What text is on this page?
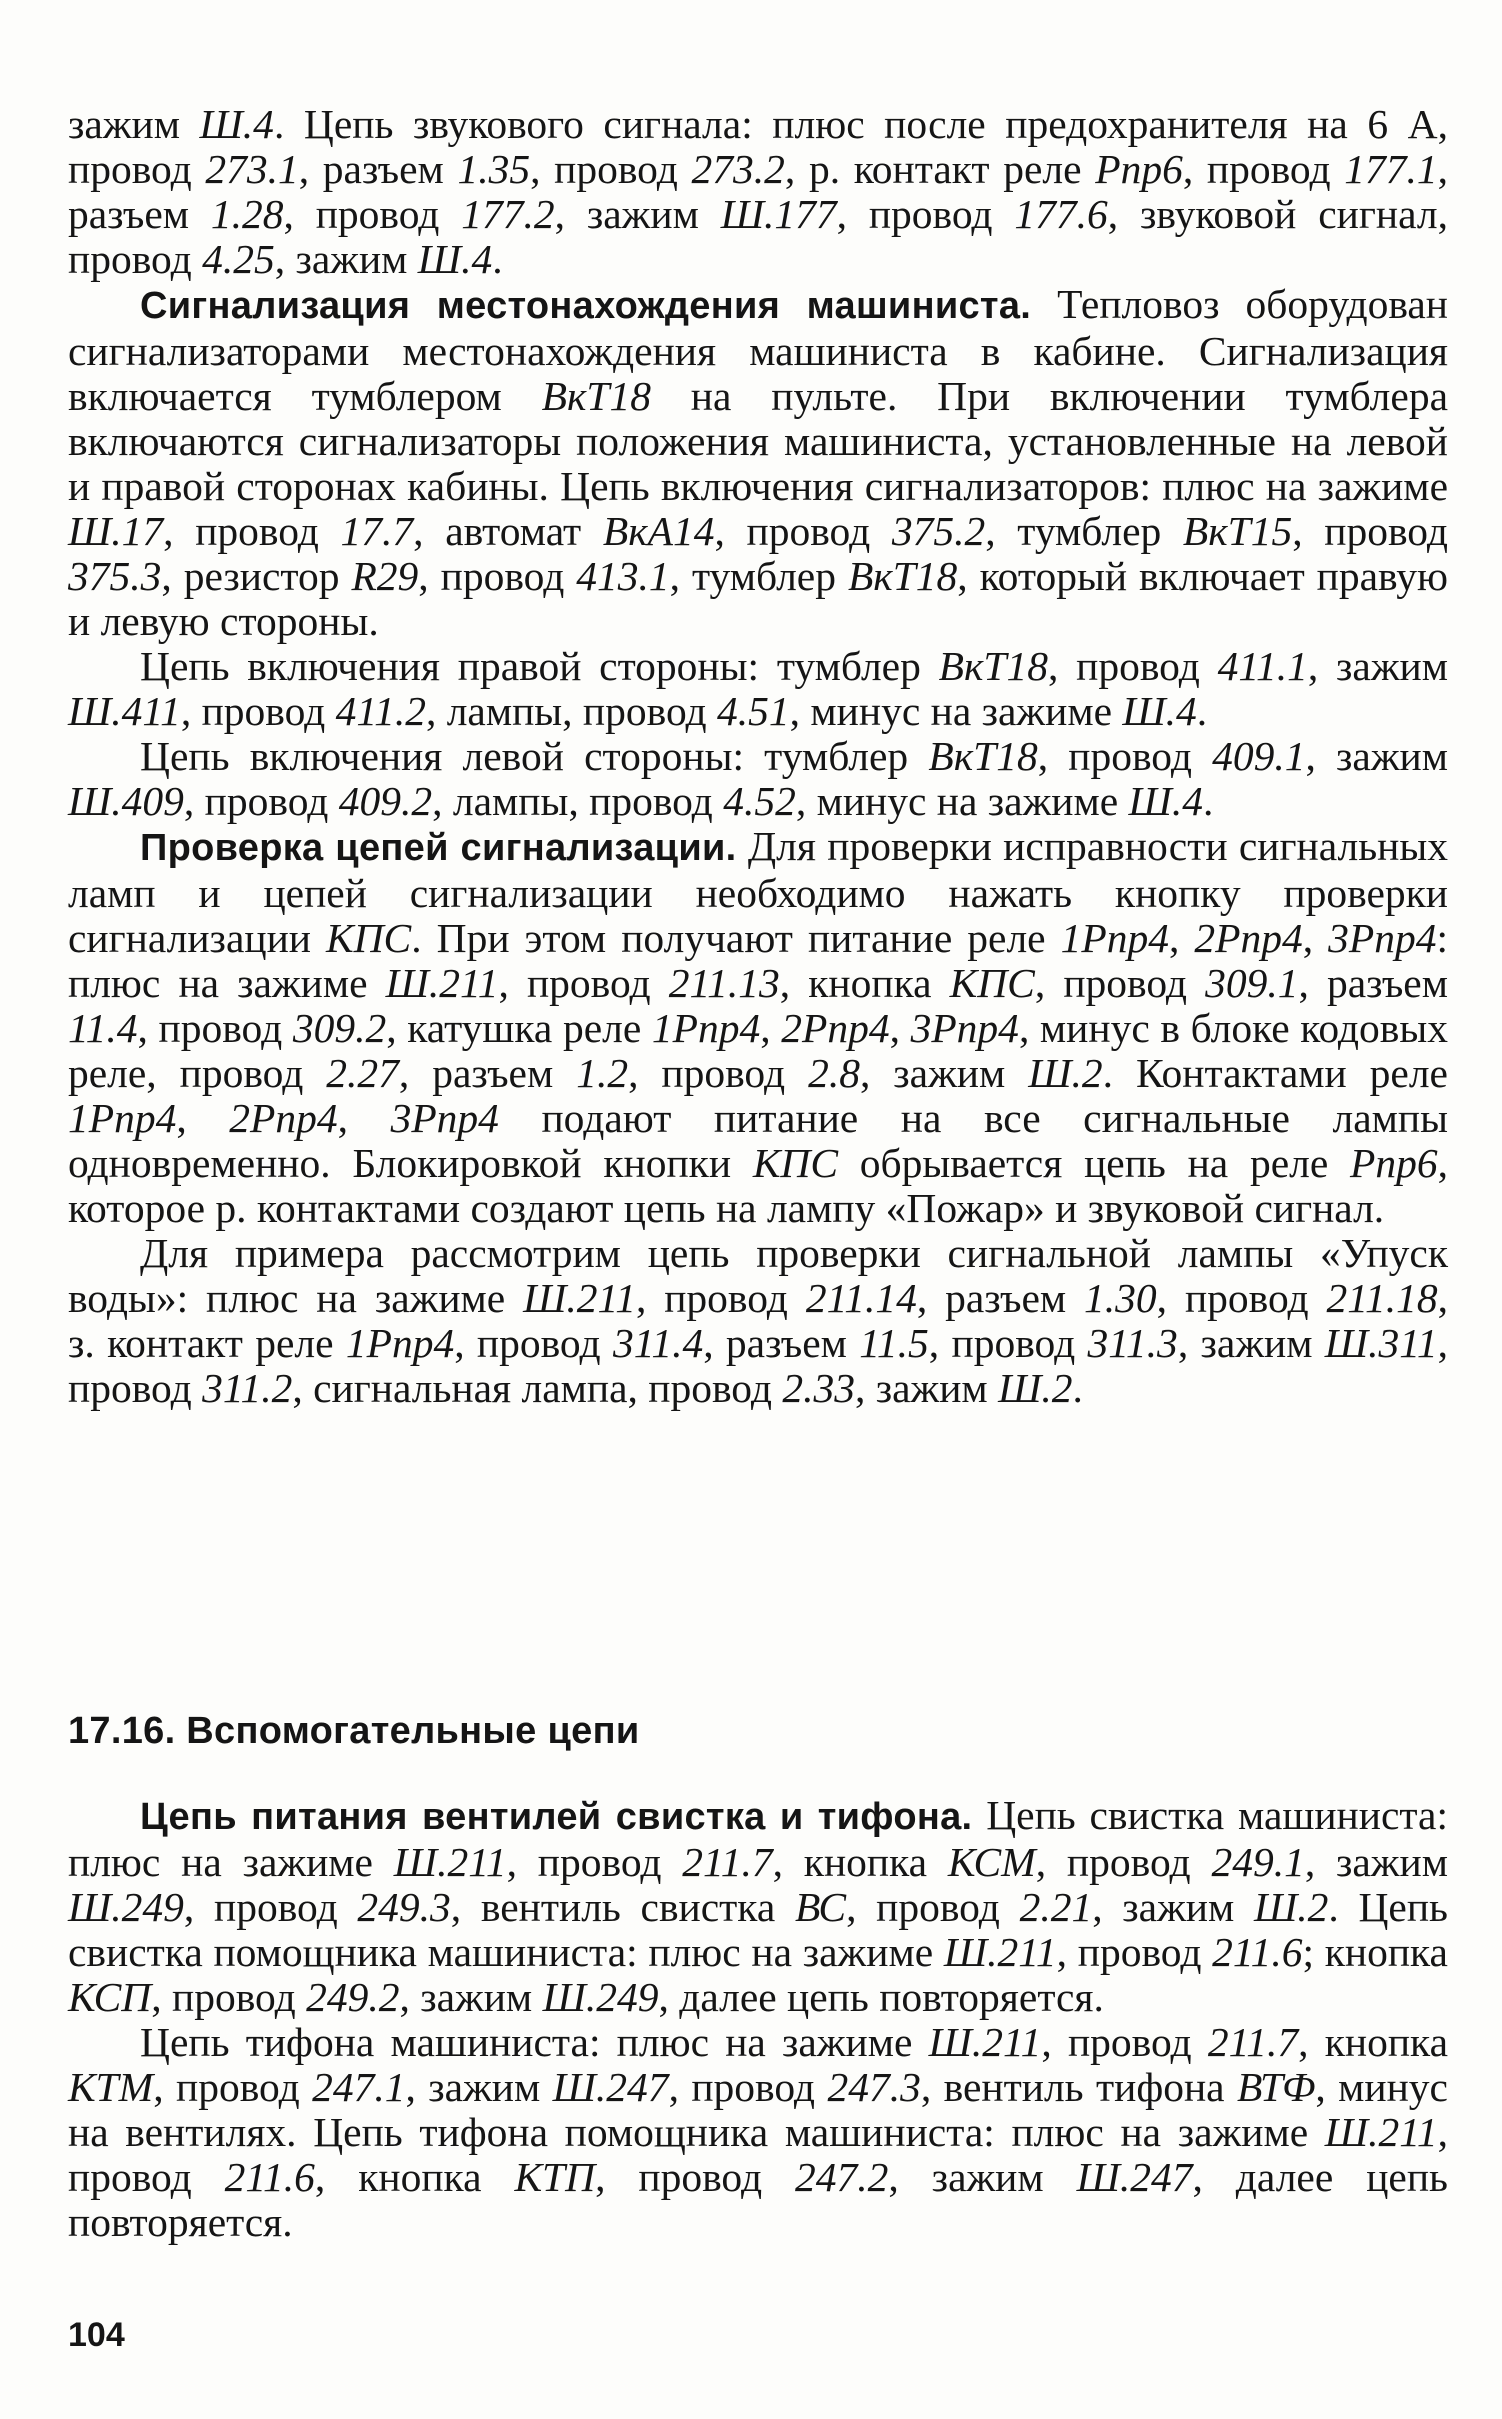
зажим Ш.4. Цепь звукового сигнала: плюс после предохранителя на 6 А, провод 273.1, разъем 1.35, провод 273.2, р. контакт реле Рпр6, провод 177.1, разъем 1.28, провод 177.2, зажим Ш.177, провод 177.6, звуковой сигнал, провод 4.25, зажим Ш.4.

Сигнализация местонахождения машиниста. Тепловоз оборудован сигнализаторами местонахождения машиниста в кабине. Сигнализация включается тумблером ВкТ18 на пульте. При включении тумблера включаются сигнализаторы положения машиниста, установленные на левой и правой сторонах кабины. Цепь включения сигнализаторов: плюс на зажиме Ш.17, провод 17.7, автомат ВкА14, провод 375.2, тумблер ВкТ15, провод 375.3, резистор R29, провод 413.1, тумблер ВкТ18, который включает правую и левую стороны.

Цепь включения правой стороны: тумблер ВкТ18, провод 411.1, зажим Ш.411, провод 411.2, лампы, провод 4.51, минус на зажиме Ш.4.

Цепь включения левой стороны: тумблер ВкТ18, провод 409.1, зажим Ш.409, провод 409.2, лампы, провод 4.52, минус на зажиме Ш.4.

Проверка цепей сигнализации. Для проверки исправности сигнальных ламп и цепей сигнализации необходимо нажать кнопку проверки сигнализации КПС. При этом получают питание реле 1Рпр4, 2Рпр4, 3Рпр4: плюс на зажиме Ш.211, провод 211.13, кнопка КПС, провод 309.1, разъем 11.4, провод 309.2, катушка реле 1Рпр4, 2Рпр4, 3Рпр4, минус в блоке кодовых реле, провод 2.27, разъем 1.2, провод 2.8, зажим Ш.2. Контактами реле 1Рпр4, 2Рпр4, 3Рпр4 подают питание на все сигнальные лампы одновременно. Блокировкой кнопки КПС обрывается цепь на реле Рпр6, которое р. контактами создают цепь на лампу «Пожар» и звуковой сигнал.

Для примера рассмотрим цепь проверки сигнальной лампы «Упуск воды»: плюс на зажиме Ш.211, провод 211.14, разъем 1.30, провод 211.18, з. контакт реле 1Рпр4, провод 311.4, разъем 11.5, провод 311.3, зажим Ш.311, провод 311.2, сигнальная лампа, провод 2.33, зажим Ш.2.

17.16. Вспомогательные цепи

Цепь питания вентилей свистка и тифона. Цепь свистка машиниста: плюс на зажиме Ш.211, провод 211.7, кнопка КСМ, провод 249.1, зажим Ш.249, провод 249.3, вентиль свистка ВС, провод 2.21, зажим Ш.2. Цепь свистка помощника машиниста: плюс на зажиме Ш.211, провод 211.6; кнопка КСП, провод 249.2, зажим Ш.249, далее цепь повторяется.

Цепь тифона машиниста: плюс на зажиме Ш.211, провод 211.7, кнопка КТМ, провод 247.1, зажим Ш.247, провод 247.3, вентиль тифона ВТФ, минус на вентилях. Цепь тифона помощника машиниста: плюс на зажиме Ш.211, провод 211.6, кнопка КТП, провод 247.2, зажим Ш.247, далее цепь повторяется.

104
